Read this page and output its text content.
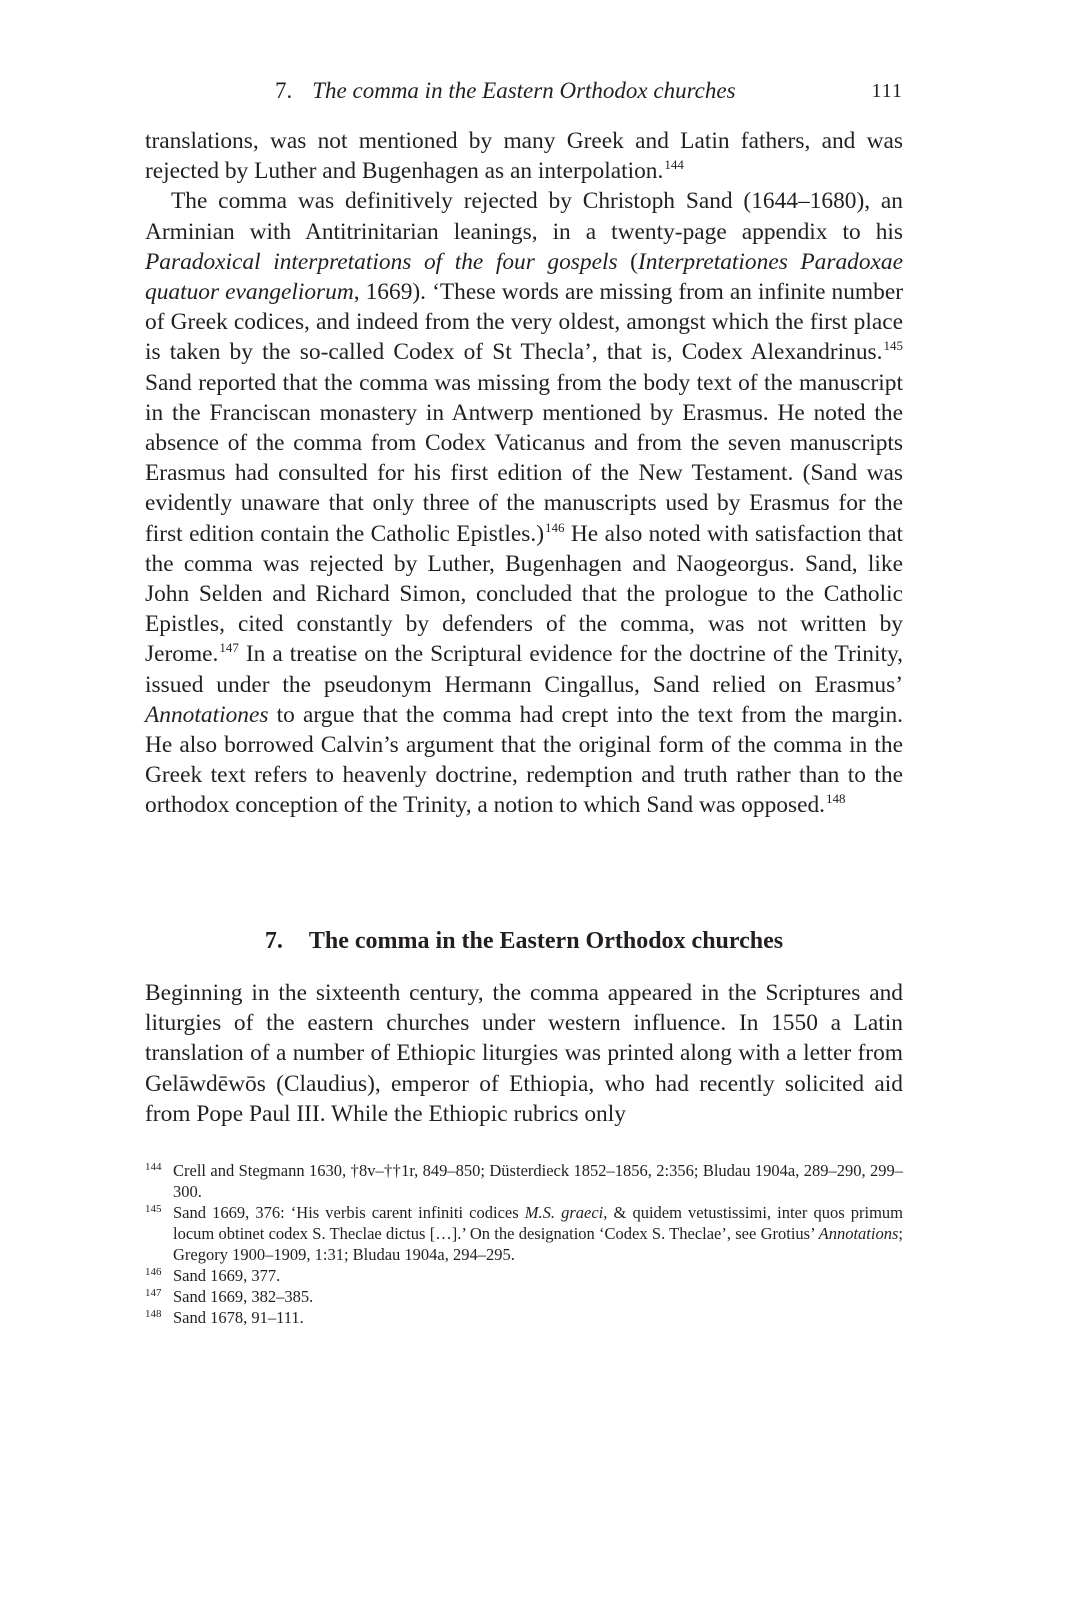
7. The comma in the Eastern Orthodox churches	111

translations, was not mentioned by many Greek and Latin fathers, and was rejected by Luther and Bugenhagen as an interpolation.$^{144}$

The comma was definitively rejected by Christoph Sand (1644–1680), an Arminian with Antitrinitarian leanings, in a twenty-page appendix to his Paradoxical interpretations of the four gospels (Interpretationes Paradoxae quatuor evangeliorum, 1669). ‘These words are missing from an infinite number of Greek codices, and indeed from the very oldest, amongst which the first place is taken by the so-called Codex of St Thecla’, that is, Codex Alexandrinus.$^{145}$ Sand reported that the comma was missing from the body text of the manuscript in the Franciscan monastery in Antwerp mentioned by Erasmus. He noted the absence of the comma from Codex Vaticanus and from the seven manuscripts Erasmus had consulted for his first edition of the New Testament. (Sand was evidently unaware that only three of the manuscripts used by Erasmus for the first edition contain the Catholic Epistles.)$^{146}$ He also noted with satisfaction that the comma was rejected by Luther, Bugenhagen and Naogeorgus. Sand, like John Selden and Richard Simon, concluded that the prologue to the Catholic Epistles, cited constantly by defenders of the comma, was not written by Jerome.$^{147}$ In a treatise on the Scriptural evidence for the doctrine of the Trinity, issued under the pseudonym Hermann Cingallus, Sand relied on Erasmus’ Annotationes to argue that the comma had crept into the text from the margin. He also borrowed Calvin’s argument that the original form of the comma in the Greek text refers to heavenly doctrine, redemption and truth rather than to the orthodox conception of the Trinity, a notion to which Sand was opposed.$^{148}$

7. The comma in the Eastern Orthodox churches

Beginning in the sixteenth century, the comma appeared in the Scriptures and liturgies of the eastern churches under western influence. In 1550 a Latin translation of a number of Ethiopic liturgies was printed along with a letter from Gelāwdēwōs (Claudius), emperor of Ethiopia, who had recently solicited aid from Pope Paul III. While the Ethiopic rubrics only

144 Crell and Stegmann 1630, †8v–††1r, 849–850; Düsterdieck 1852–1856, 2:356; Bludau 1904a, 289–290, 299–300.

145 Sand 1669, 376: ‘His verbis carent infiniti codices M.S. graeci, & quidem vetustissimi, inter quos primum locum obtinet codex S. Theclae dictus […].’ On the designation ‘Codex S. Theclae’, see Grotius’ Annotations; Gregory 1900–1909, 1:31; Bludau 1904a, 294–295.

146 Sand 1669, 377.

147 Sand 1669, 382–385.

148 Sand 1678, 91–111.
